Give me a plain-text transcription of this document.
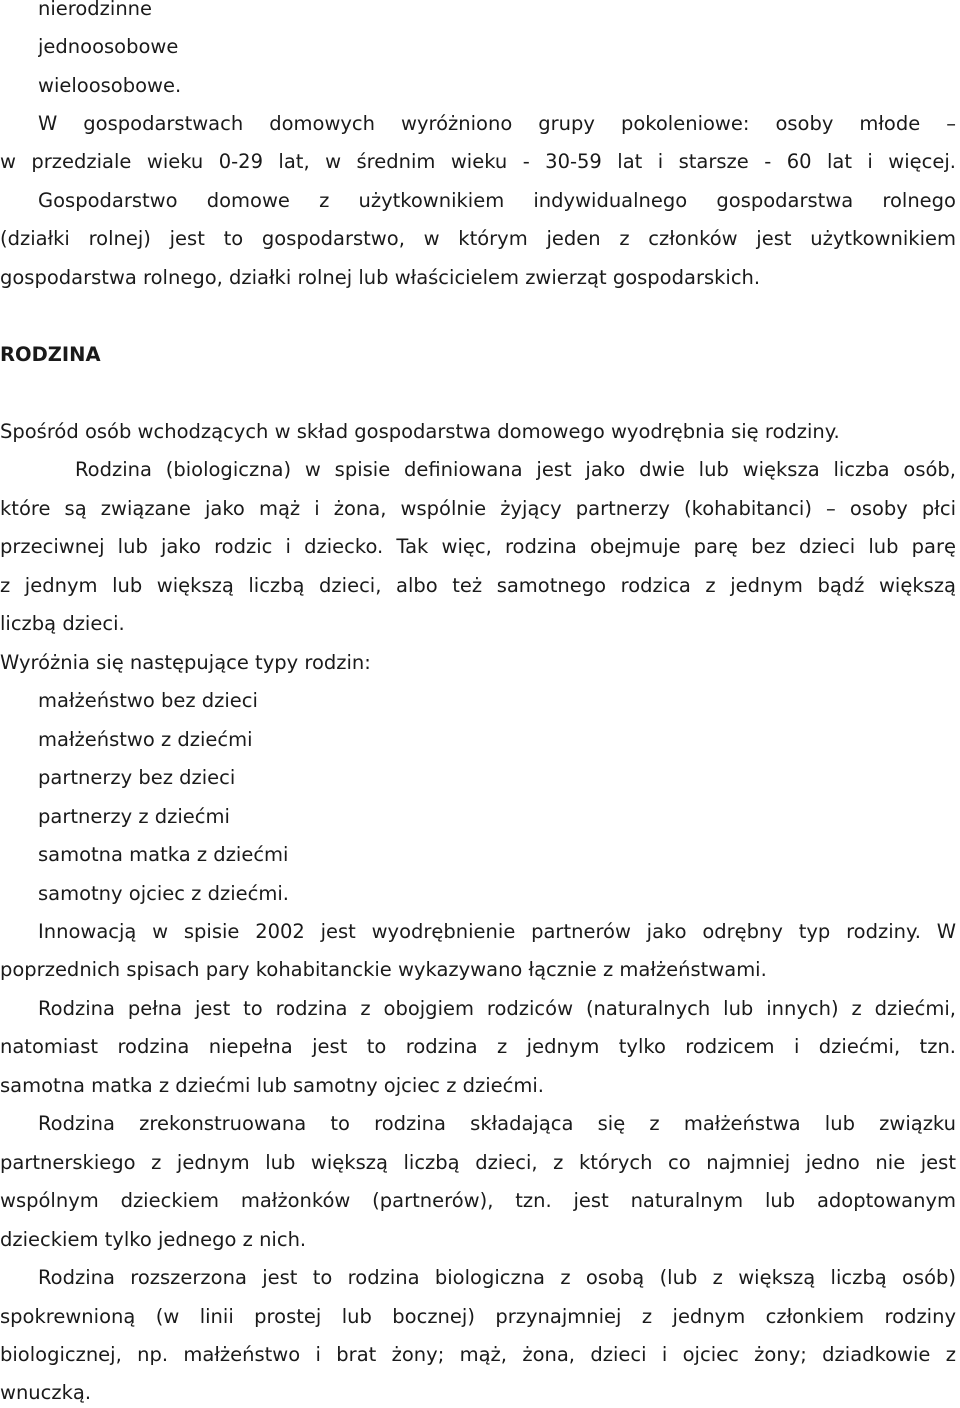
nierodzinne
jednoosobowe
wieloosobowe.
W gospodarstwach domowych wyróżniono grupy pokoleniowe: osoby młode –
w przedziale wieku 0-29 lat, w średnim wieku - 30-59 lat i starsze - 60 lat i więcej.
Gospodarstwo domowe z użytkownikiem indywidualnego gospodarstwa rolnego
(działki rolnej) jest to gospodarstwo, w którym jeden z członków jest użytkownikiem
gospodarstwa rolnego, działki rolnej lub właścicielem zwierząt gospodarskich.
RODZINA
Spośród osób wchodzących w skład gospodarstwa domowego wyodrębnia się rodziny.
Rodzina (biologiczna) w spisie definiowana jest jako dwie lub większa liczba osób,
które są związane jako mąż i żona, wspólnie żyjący partnerzy (kohabitanci) – osoby płci
przeciwnej lub jako rodzic i dziecko. Tak więc, rodzina obejmuje parę bez dzieci lub parę
z jednym lub większą liczbą dzieci, albo też samotnego rodzica z jednym bądź większą
liczbą dzieci.
Wyróżnia się następujące typy rodzin:
małżeństwo bez dzieci
małżeństwo z dziećmi
partnerzy bez dzieci
partnerzy z dziećmi
samotna matka z dziećmi
samotny ojciec z dziećmi.
Innowacją w spisie 2002 jest wyodrębnienie partnerów jako odrębny typ rodziny. W
poprzednich spisach pary kohabitanckie wykazywano łącznie z małżeństwami.
Rodzina pełna jest to rodzina z obojgiem rodziców (naturalnych lub innych) z dziećmi,
natomiast rodzina niepełna jest to rodzina z jednym tylko rodzicem i dziećmi, tzn.
samotna matka z dziećmi lub samotny ojciec z dziećmi.
Rodzina zrekonstruowana to rodzina składająca się z małżeństwa lub związku
partnerskiego z jednym lub większą liczbą dzieci, z których co najmniej jedno nie jest
wspólnym dzieckiem małżonków (partnerów), tzn. jest naturalnym lub adoptowanym
dzieckiem tylko jednego z nich.
Rodzina rozszerzona jest to rodzina biologiczna z osobą (lub z większą liczbą osób)
spokrewnioną (w linii prostej lub bocznej) przynajmniej z jednym członkiem rodziny
biologicznej, np. małżeństwo i brat żony; mąż, żona, dzieci i ojciec żony; dziadkowie z
wnuczką.
